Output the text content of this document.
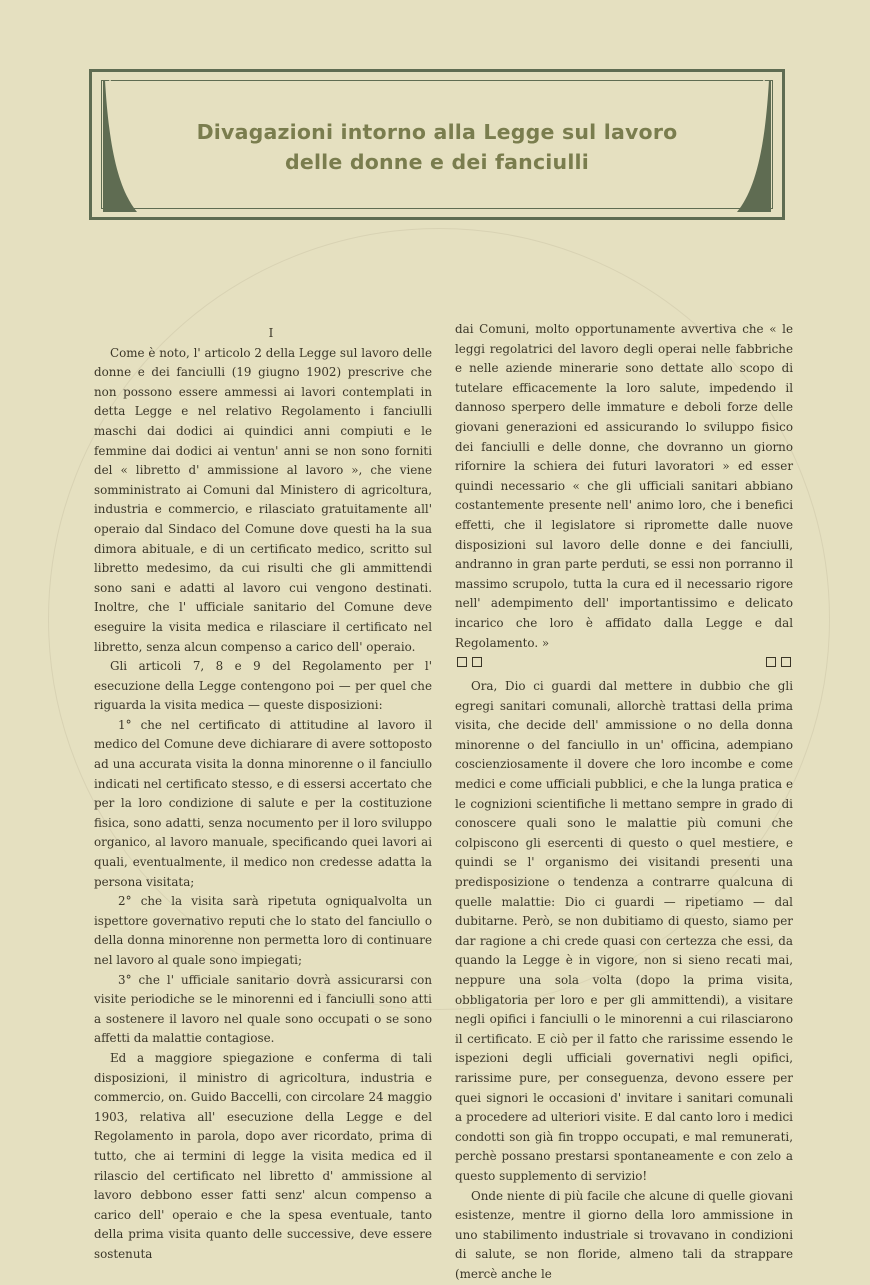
Divagazioni intorno alla Legge sul lavoro
delle donne e dei fanciulli

I

Come è noto, l' articolo 2 della Legge sul lavoro delle donne e dei fanciulli (19 giugno 1902) prescrive che non possono essere ammessi ai lavori contemplati in detta Legge e nel relativo Regolamento i fanciulli maschi dai dodici ai quindici anni compiuti e le femmine dai dodici ai ventun' anni se non sono forniti del « libretto d' ammissione al lavoro », che viene somministrato ai Comuni dal Ministero di agricoltura, industria e commercio, e rilasciato gratuitamente all' operaio dal Sindaco del Comune dove questi ha la sua dimora abituale, e di un certificato medico, scritto sul libretto medesimo, da cui risulti che gli ammittendi sono sani e adatti al lavoro cui vengono destinati. Inoltre, che l' ufficiale sanitario del Comune deve eseguire la visita medica e rilasciare il certificato nel libretto, senza alcun compenso a carico dell' operaio.

Gli articoli 7, 8 e 9 del Regolamento per l' esecuzione della Legge contengono poi — per quel che riguarda la visita medica — queste disposizioni:

1° che nel certificato di attitudine al lavoro il medico del Comune deve dichiarare di avere sottoposto ad una accurata visita la donna minorenne o il fanciullo indicati nel certificato stesso, e di essersi accertato che per la loro condizione di salute e per la costituzione fisica, sono adatti, senza nocumento per il loro sviluppo organico, al lavoro manuale, specificando quei lavori ai quali, eventualmente, il medico non credesse adatta la persona visitata;

2° che la visita sarà ripetuta ogniqualvolta un ispettore governativo reputi che lo stato del fanciullo o della donna minorenne non permetta loro di continuare nel lavoro al quale sono impiegati;

3° che l' ufficiale sanitario dovrà assicurarsi con visite periodiche se le minorenni ed i fanciulli sono atti a sostenere il lavoro nel quale sono occupati o se sono affetti da malattie contagiose.

Ed a maggiore spiegazione e conferma di tali disposizioni, il ministro di agricoltura, industria e commercio, on. Guido Baccelli, con circolare 24 maggio 1903, relativa all' esecuzione della Legge e del Regolamento in parola, dopo aver ricordato, prima di tutto, che ai termini di legge la visita medica ed il rilascio del certificato nel libretto d' ammissione al lavoro debbono esser fatti senz' alcun compenso a carico dell' operaio e che la spesa eventuale, tanto della prima visita quanto delle successive, deve essere sostenuta

dai Comuni, molto opportunamente avvertiva che « le leggi regolatrici del lavoro degli operai nelle fabbriche e nelle aziende minerarie sono dettate allo scopo di tutelare efficacemente la loro salute, impedendo il dannoso sperpero delle immature e deboli forze delle giovani generazioni ed assicurando lo sviluppo fisico dei fanciulli e delle donne, che dovranno un giorno rifornire la schiera dei futuri lavoratori » ed esser quindi necessario « che gli ufficiali sanitari abbiano costantemente presente nell' animo loro, che i benefici effetti, che il legislatore si ripromette dalle nuove disposizioni sul lavoro delle donne e dei fanciulli, andranno in gran parte perduti, se essi non porranno il massimo scrupolo, tutta la cura ed il necessario rigore nell' adempimento dell' importantissimo e delicato incarico che loro è affidato dalla Legge e dal Regolamento. »

Ora, Dio ci guardi dal mettere in dubbio che gli egregi sanitari comunali, allorchè trattasi della prima visita, che decide dell' ammissione o no della donna minorenne o del fanciullo in un' officina, adempiano coscienziosamente il dovere che loro incombe e come medici e come ufficiali pubblici, e che la lunga pratica e le cognizioni scientifiche li mettano sempre in grado di conoscere quali sono le malattie più comuni che colpiscono gli esercenti di questo o quel mestiere, e quindi se l' organismo dei visitandi presenti una predisposizione o tendenza a contrarre qualcuna di quelle malattie: Dio ci guardi — ripetiamo — dal dubitarne. Però, se non dubitiamo di questo, siamo per dar ragione a chi crede quasi con certezza che essi, da quando la Legge è in vigore, non si sieno recati mai, neppure una sola volta (dopo la prima visita, obbligatoria per loro e per gli ammittendi), a visitare negli opifici i fanciulli o le minorenni a cui rilasciarono il certificato. E ciò per il fatto che rarissime essendo le ispezioni degli ufficiali governativi negli opifici, rarissime pure, per conseguenza, devono essere per quei signori le occasioni d' invitare i sanitari comunali a procedere ad ulteriori visite. E dal canto loro i medici condotti son già fin troppo occupati, e mal remunerati, perchè possano prestarsi spontaneamente e con zelo a questo supplemento di servizio!

Onde niente di più facile che alcune di quelle giovani esistenze, mentre il giorno della loro ammissione in uno stabilimento industriale si trovavano in condizioni di salute, se non floride, almeno tali da strappare (mercè anche le
